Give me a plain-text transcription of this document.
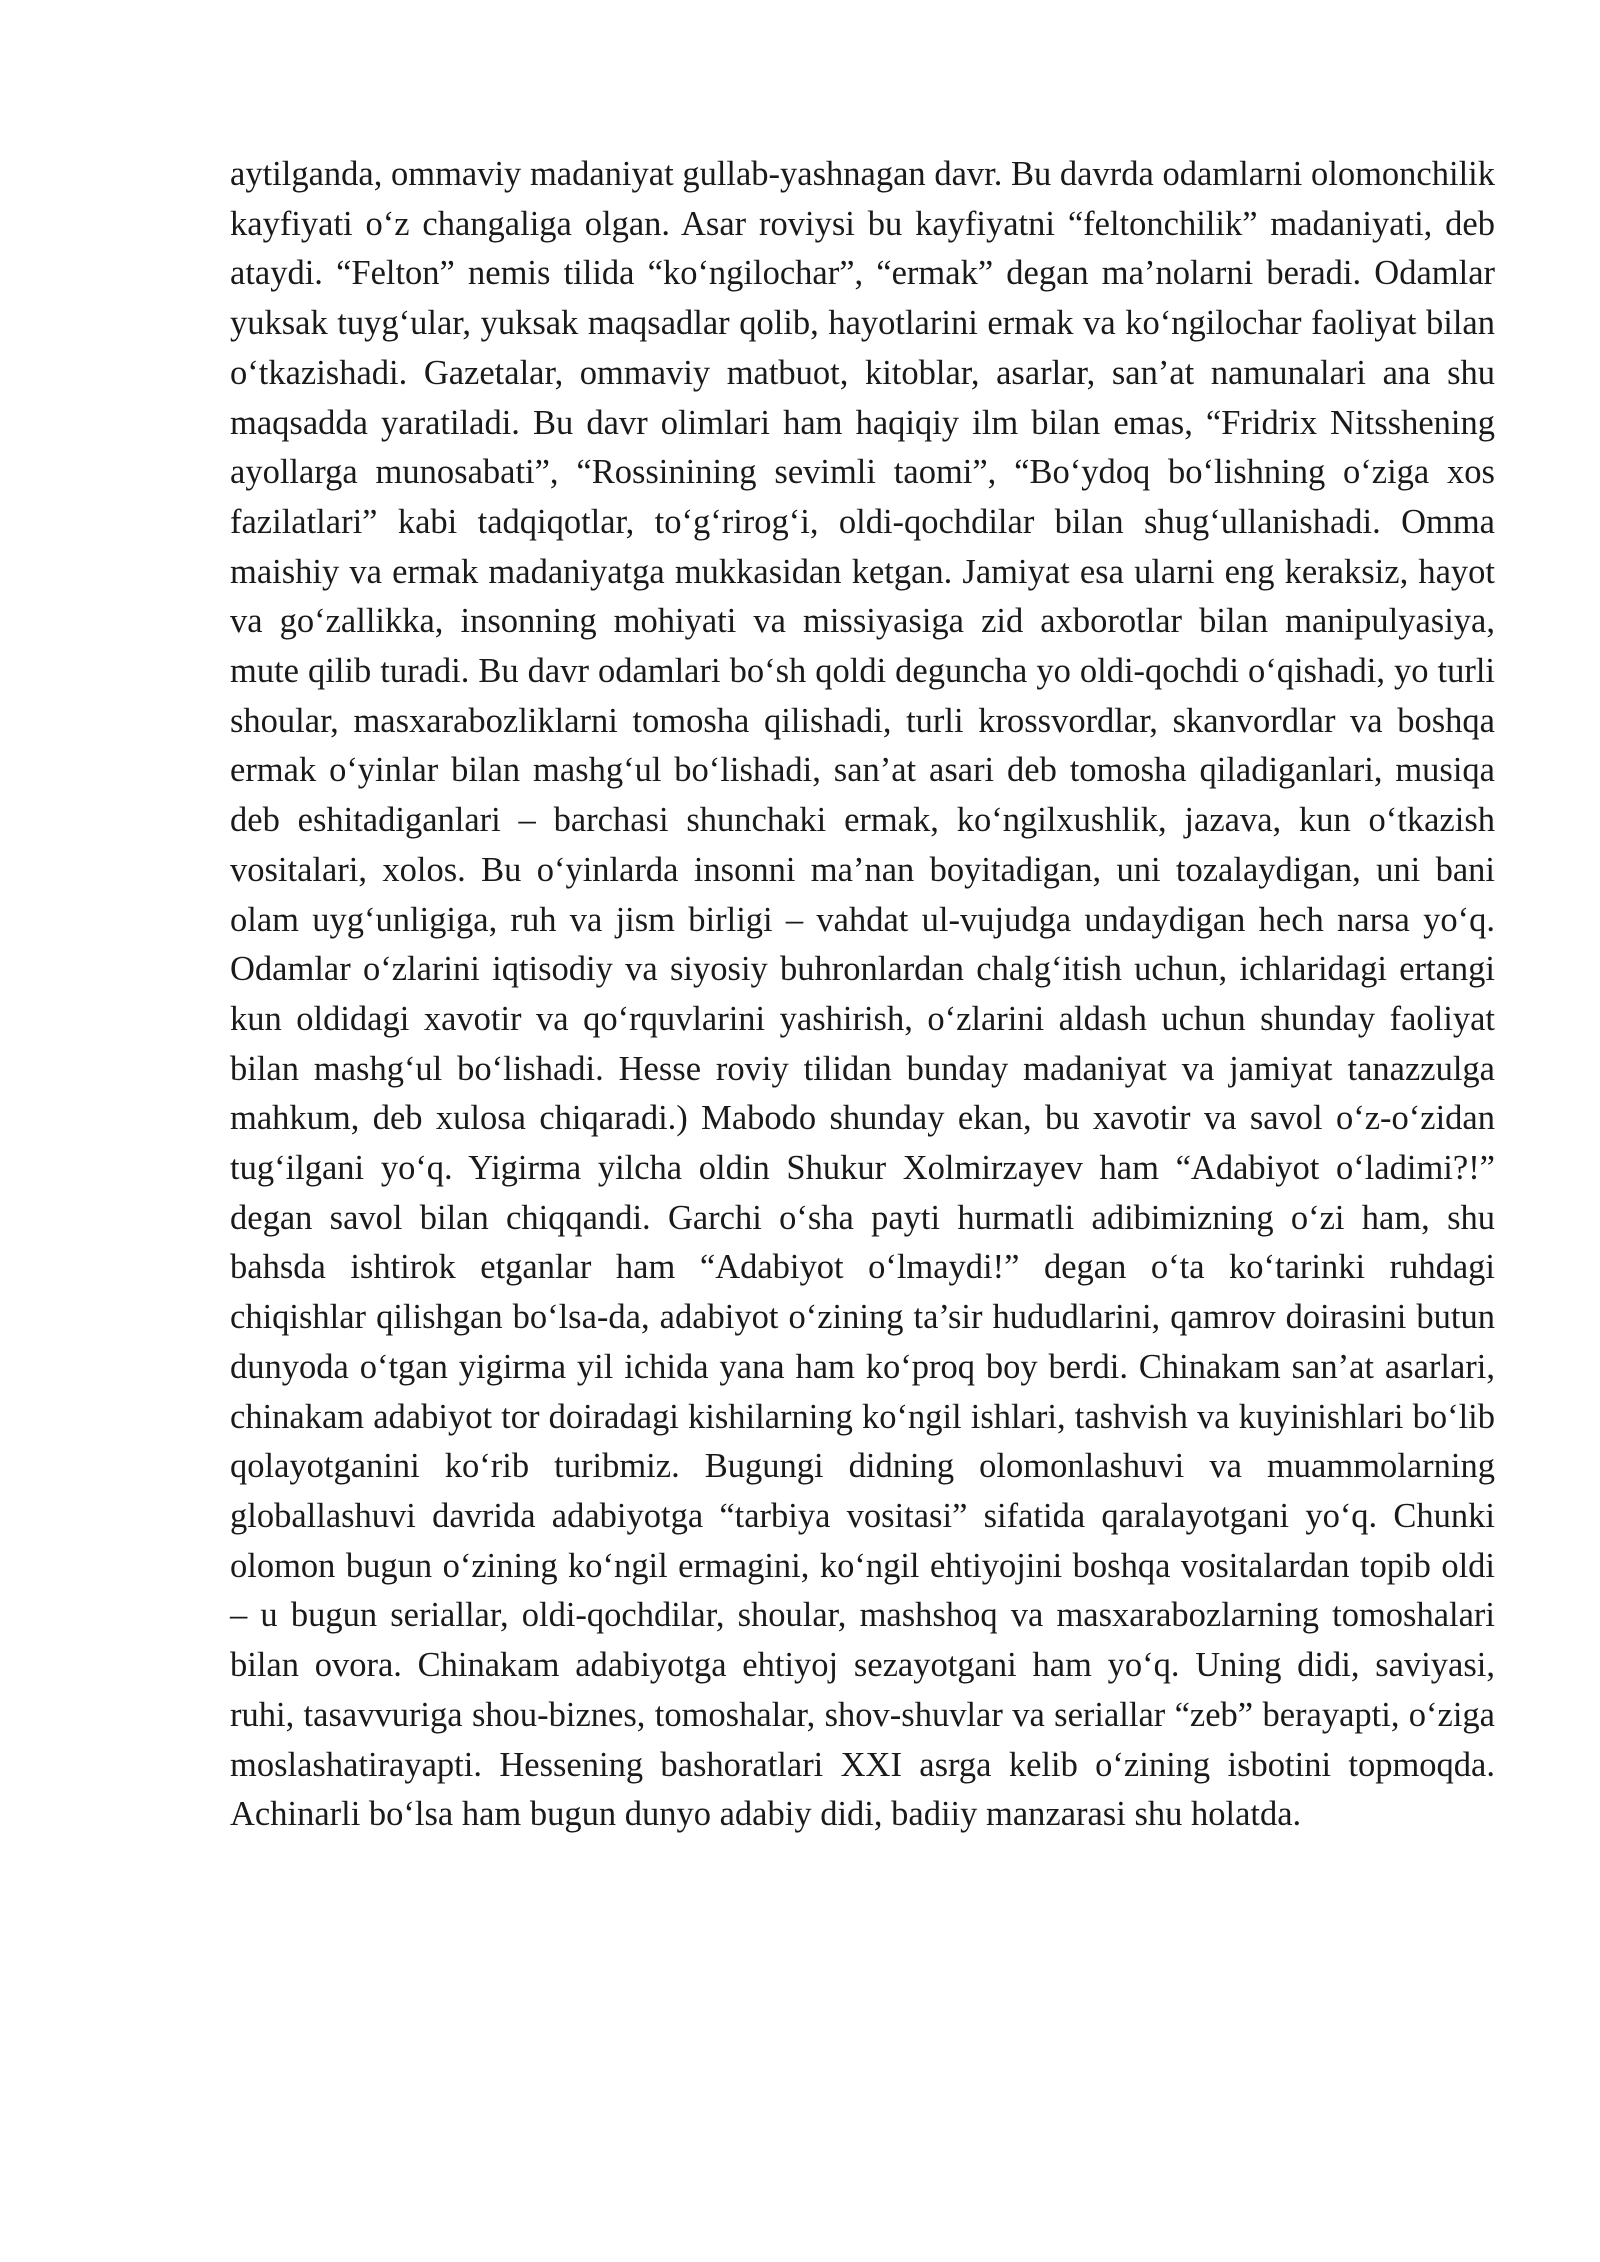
aytilganda, ommaviy madaniyat gullab-yashnagan davr. Bu davrda odamlarni olomonchilik kayfiyati o‘z changaliga olgan. Asar roviysi bu kayfiyatni “feltonchilik” madaniyati, deb ataydi. “Felton” nemis tilida “ko‘ngilochar”, “ermak” degan ma’nolarni beradi. Odamlar yuksak tuyg‘ular, yuksak maqsadlar qolib, hayotlarini ermak va ko‘ngilochar faoliyat bilan o‘tkazishadi. Gazetalar, ommaviy matbuot, kitoblar, asarlar, san’at namunalari ana shu maqsadda yaratiladi. Bu davr olimlari ham haqiqiy ilm bilan emas, “Fridrix Nitsshening ayollarga munosabati”, “Rossinining sevimli taomi”, “Bo‘ydoq bo‘lishning o‘ziga xos fazilatlari” kabi tadqiqotlar, to‘g‘rirog‘i, oldi-qochdilar bilan shug‘ullanishadi. Omma maishiy va ermak madaniyatga mukkasidan ketgan. Jamiyat esa ularni eng keraksiz, hayot va go‘zallikka, insonning mohiyati va missiyasiga zid axborotlar bilan manipulyasiya, mute qilib turadi. Bu davr odamlari bo‘sh qoldi deguncha yo oldi-qochdi o‘qishadi, yo turli shoular, masxarabozliklarni tomosha qilishadi, turli krossvordlar, skanvordlar va boshqa ermak o‘yinlar bilan mashg‘ul bo‘lishadi, san’at asari deb tomosha qiladiganlari, musiqa deb eshitadiganlari – barchasi shunchaki ermak, ko‘ngilxushlik, jazava, kun o‘tkazish vositalari, xolos. Bu o‘yinlarda insonni ma’nan boyitadigan, uni tozalaydigan, uni bani olam uyg‘unligiga, ruh va jism birligi – vahdat ul-vujudga undaydigan hech narsa yo‘q. Odamlar o‘zlarini iqtisodiy va siyosiy buhronlardan chalg‘itish uchun, ichlaridagi ertangi kun oldidagi xavotir va qo‘rquvlarini yashirish, o‘zlarini aldash uchun shunday faoliyat bilan mashg‘ul bo‘lishadi. Hesse roviy tilidan bunday madaniyat va jamiyat tanazzulga mahkum, deb xulosa chiqaradi.) Mabodo shunday ekan, bu xavotir va savol o‘z-o‘zidan tug‘ilgani yo‘q. Yigirma yilcha oldin Shukur Xolmirzayev ham “Adabiyot o‘ladimi?!” degan savol bilan chiqqandi. Garchi o‘sha payti hurmatli adibimizning o‘zi ham, shu bahsda ishtirok etganlar ham “Adabiyot o‘lmaydi!” degan o‘ta ko‘tarinki ruhdagi chiqishlar qilishgan bo‘lsa-da, adabiyot o‘zining ta’sir hududlarini, qamrov doirasini butun dunyoda o‘tgan yigirma yil ichida yana ham ko‘proq boy berdi. Chinakam san’at asarlari, chinakam adabiyot tor doiradagi kishilarning ko‘ngil ishlari, tashvish va kuyinishlari bo‘lib qolayotganini ko‘rib turibmiz. Bugungi didning olomonlashuvi va muammolarning globallashuvi davrida adabiyotga “tarbiya vositasi” sifatida qaralayotgani yo‘q. Chunki olomon bugun o‘zining ko‘ngil ermagini, ko‘ngil ehtiyojini boshqa vositalardan topib oldi – u bugun seriallar, oldi-qochdilar, shoular, mashshoq va masxarabozlarning tomoshalari bilan ovora. Chinakam adabiyotga ehtiyoj sezayotgani ham yo‘q. Uning didi, saviyasi, ruhi, tasavvuriga shou-biznes, tomoshalar, shov-shuvlar va seriallar “zeb” berayapti, o‘ziga moslashatirayapti. Hessening bashoratlari XXI asrga kelib o‘zining isbotini topmoqda. Achinarli bo‘lsa ham bugun dunyo adabiy didi, badiiy manzarasi shu holatda.
